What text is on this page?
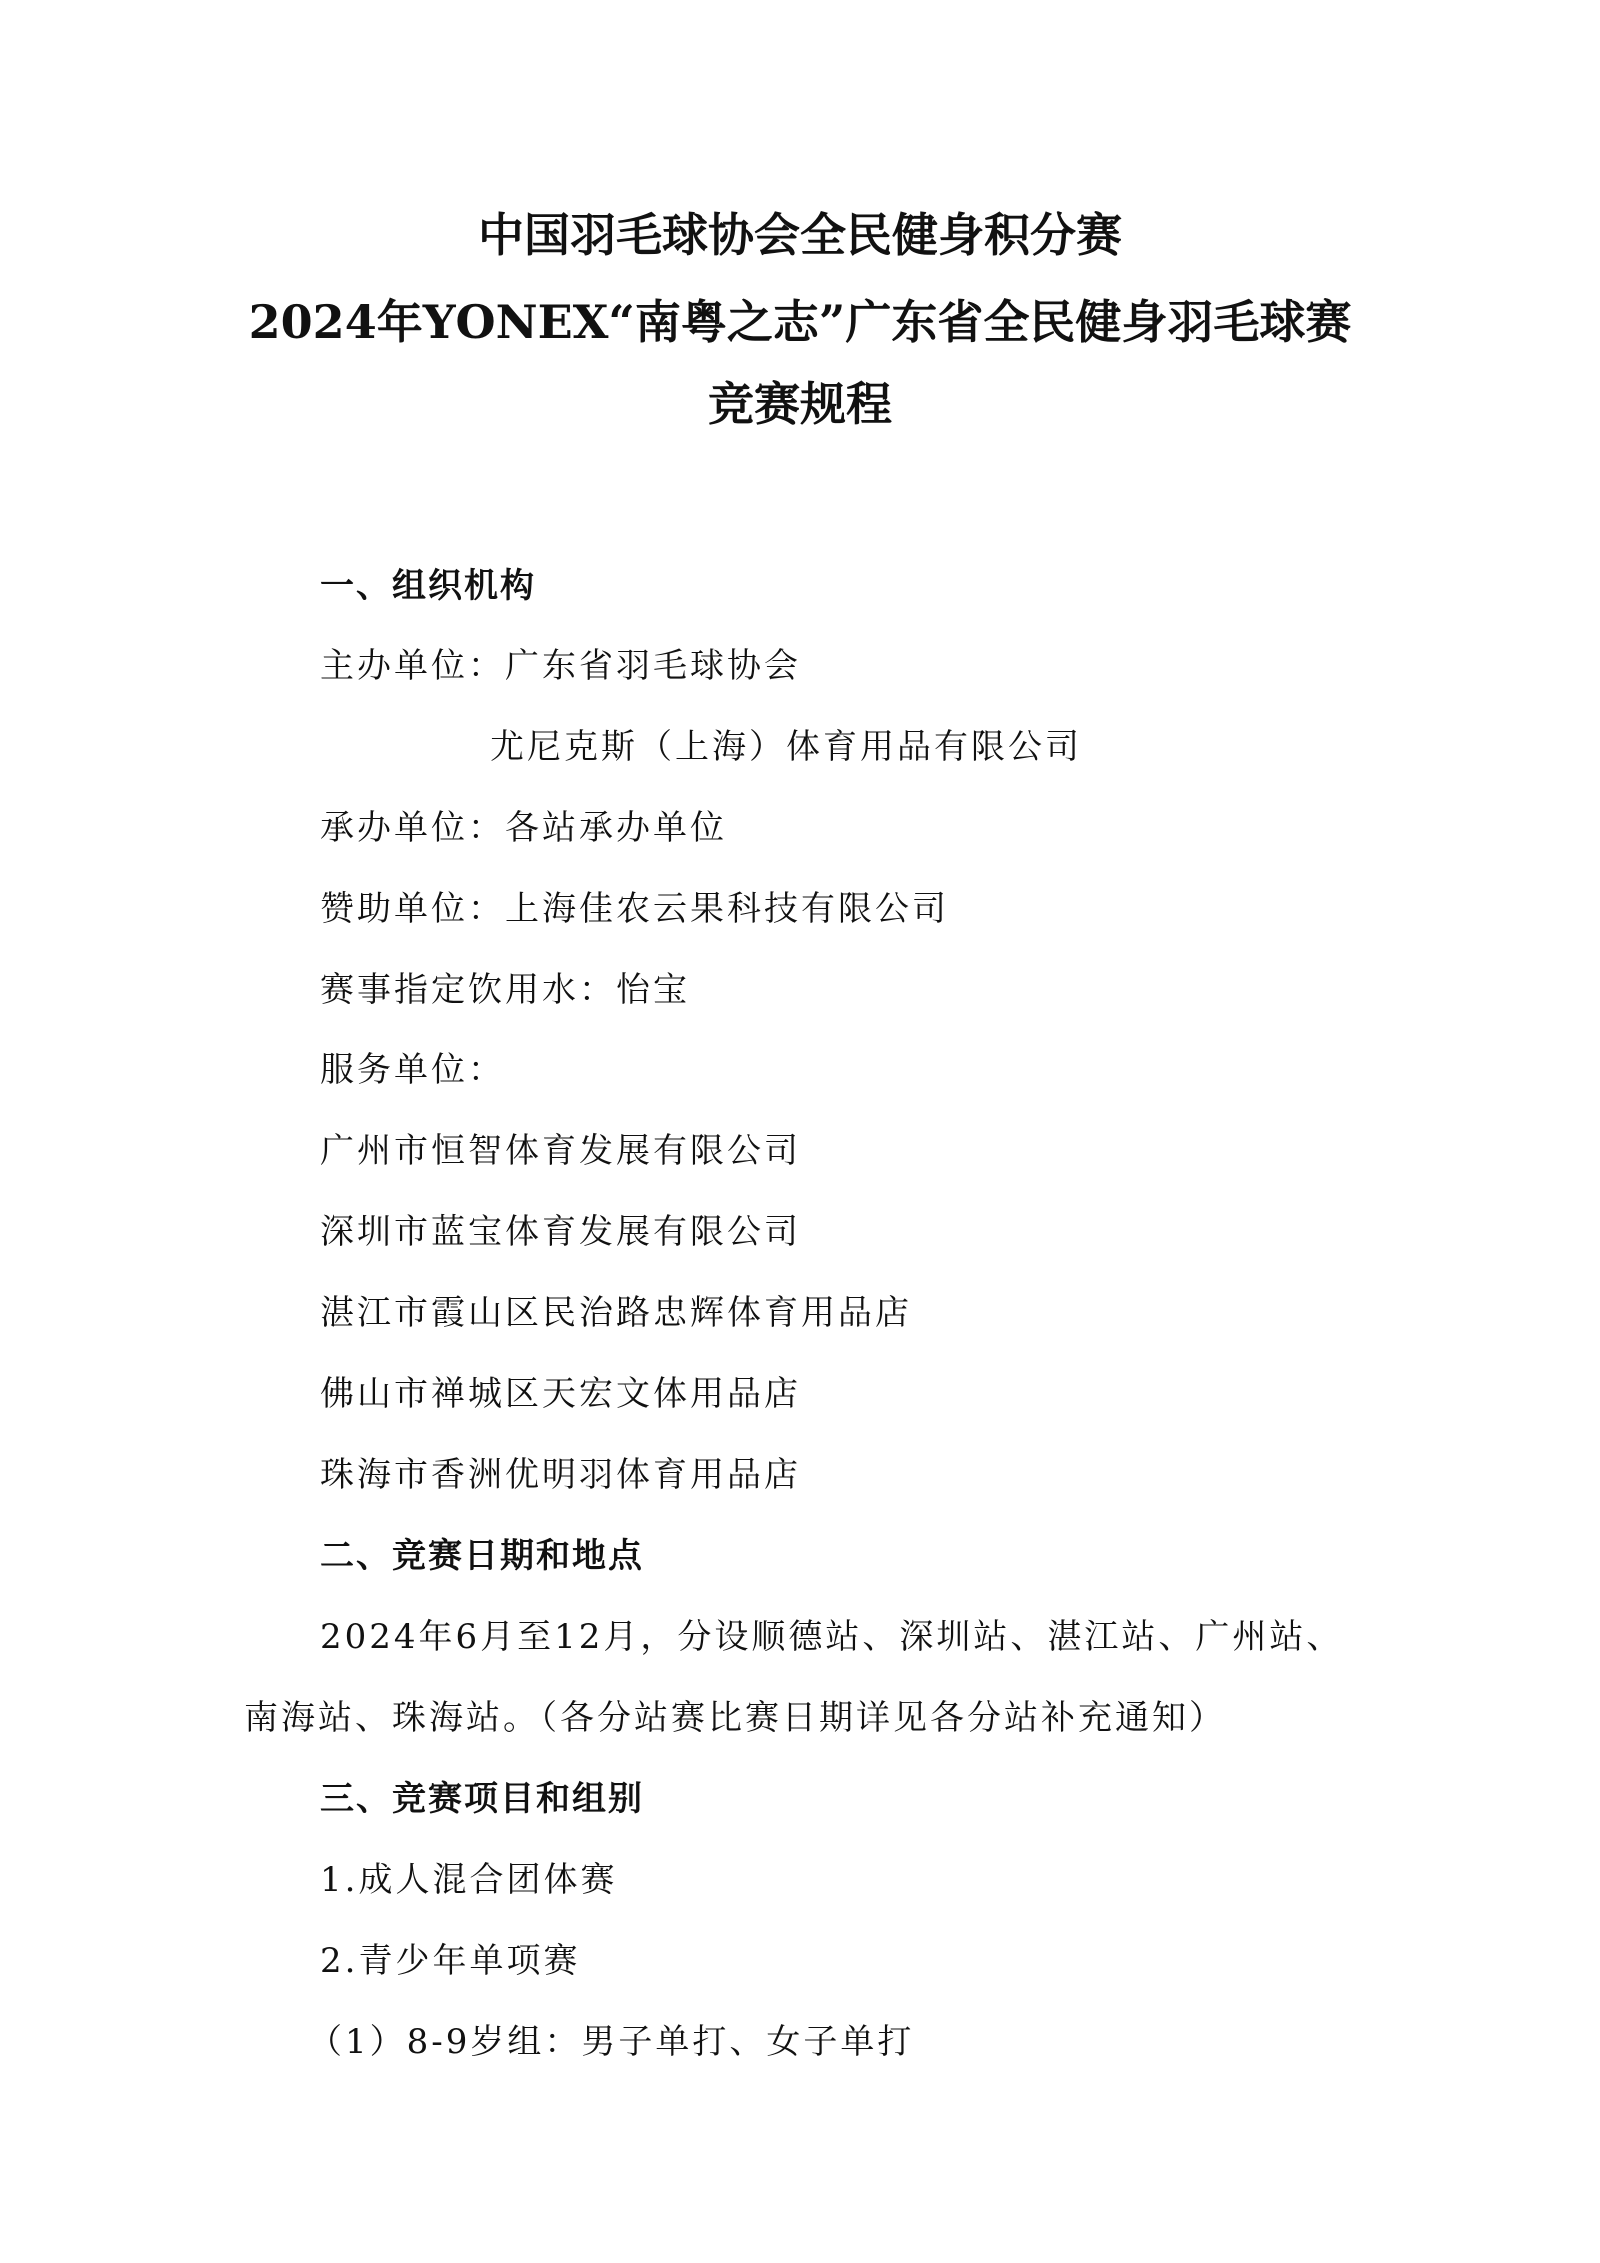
中国羽毛球协会全民健身积分赛
2024年YONEX“南粤之志”广东省全民健身羽毛球赛
竞赛规程
一、组织机构
主办单位：广东省羽毛球协会
尤尼克斯（上海）体育用品有限公司
承办单位：各站承办单位
赞助单位：上海佳农云果科技有限公司
赛事指定饮用水：怡宝
服务单位：
广州市恒智体育发展有限公司
深圳市蓝宝体育发展有限公司
湛江市霞山区民治路忠辉体育用品店
佛山市禅城区天宏文体用品店
珠海市香洲优明羽体育用品店
二、竞赛日期和地点
2024年6月至12月，分设顺德站、深圳站、湛江站、广州站、
南海站、珠海站。（各分站赛比赛日期详见各分站补充通知）
三、竞赛项目和组别
1.成人混合团体赛
2.青少年单项赛
（1）8-9岁组：男子单打、女子单打
